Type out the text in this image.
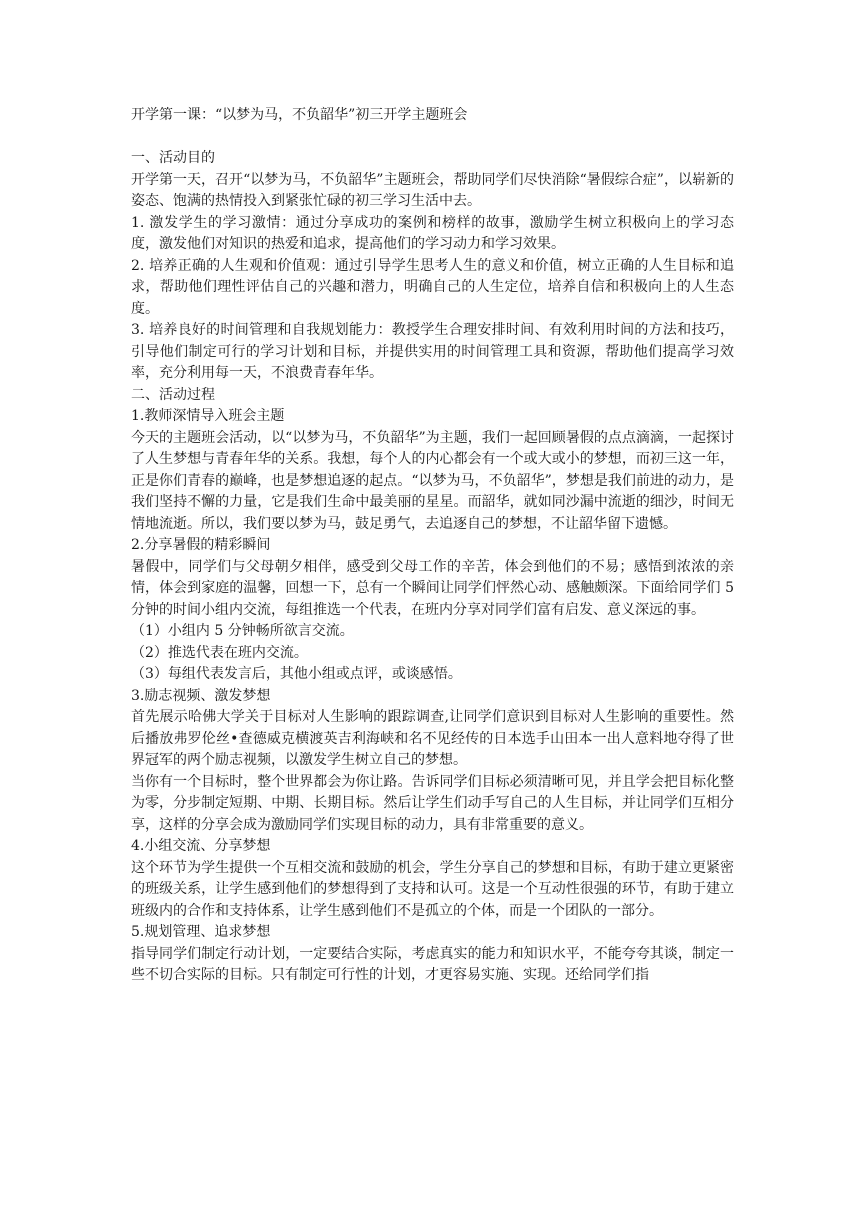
开学第一课：“以梦为马，不负韶华”初三开学主题班会

一、活动目的

开学第一天，召开“以梦为马，不负韶华”主题班会，帮助同学们尽快消除“暑假综合症”，以崭新的姿态、饱满的热情投入到紧张忙碌的初三学习生活中去。

1. 激发学生的学习激情：通过分享成功的案例和榜样的故事，激励学生树立积极向上的学习态度，激发他们对知识的热爱和追求，提高他们的学习动力和学习效果。

2. 培养正确的人生观和价值观：通过引导学生思考人生的意义和价值，树立正确的人生目标和追求，帮助他们理性评估自己的兴趣和潜力，明确自己的人生定位，培养自信和积极向上的人生态度。

3. 培养良好的时间管理和自我规划能力：教授学生合理安排时间、有效利用时间的方法和技巧，引导他们制定可行的学习计划和目标，并提供实用的时间管理工具和资源，帮助他们提高学习效率，充分利用每一天，不浪费青春年华。

二、活动过程

1.教师深情导入班会主题

今天的主题班会活动，以“以梦为马，不负韶华”为主题，我们一起回顾暑假的点点滴滴，一起探讨了人生梦想与青春年华的关系。我想，每个人的内心都会有一个或大或小的梦想，而初三这一年，正是你们青春的巅峰，也是梦想追逐的起点。“以梦为马，不负韶华”，梦想是我们前进的动力，是我们坚持不懈的力量，它是我们生命中最美丽的星星。而韶华，就如同沙漏中流逝的细沙，时间无情地流逝。所以，我们要以梦为马，鼓足勇气，去追逐自己的梦想，不让韶华留下遗憾。

2.分享暑假的精彩瞬间

暑假中，同学们与父母朝夕相伴，感受到父母工作的辛苦，体会到他们的不易；感悟到浓浓的亲情，体会到家庭的温馨，回想一下，总有一个瞬间让同学们怦然心动、感触颇深。下面给同学们 5 分钟的时间小组内交流，每组推选一个代表，在班内分享对同学们富有启发、意义深远的事。

（1）小组内 5 分钟畅所欲言交流。

（2）推选代表在班内交流。

（3）每组代表发言后，其他小组或点评，或谈感悟。

3.励志视频、激发梦想

首先展示哈佛大学关于目标对人生影响的跟踪调查,让同学们意识到目标对人生影响的重要性。然后播放弗罗伦丝•查德威克横渡英吉利海峡和名不见经传的日本选手山田本一出人意料地夺得了世界冠军的两个励志视频，以激发学生树立自己的梦想。

当你有一个目标时，整个世界都会为你让路。告诉同学们目标必须清晰可见，并且学会把目标化整为零，分步制定短期、中期、长期目标。然后让学生们动手写自己的人生目标，并让同学们互相分享，这样的分享会成为激励同学们实现目标的动力，具有非常重要的意义。

4.小组交流、分享梦想

这个环节为学生提供一个互相交流和鼓励的机会，学生分享自己的梦想和目标，有助于建立更紧密的班级关系，让学生感到他们的梦想得到了支持和认可。这是一个互动性很强的环节，有助于建立班级内的合作和支持体系，让学生感到他们不是孤立的个体，而是一个团队的一部分。

5.规划管理、追求梦想

指导同学们制定行动计划，一定要结合实际，考虑真实的能力和知识水平，不能夸夸其谈，制定一些不切合实际的目标。只有制定可行性的计划，才更容易实施、实现。还给同学们指
